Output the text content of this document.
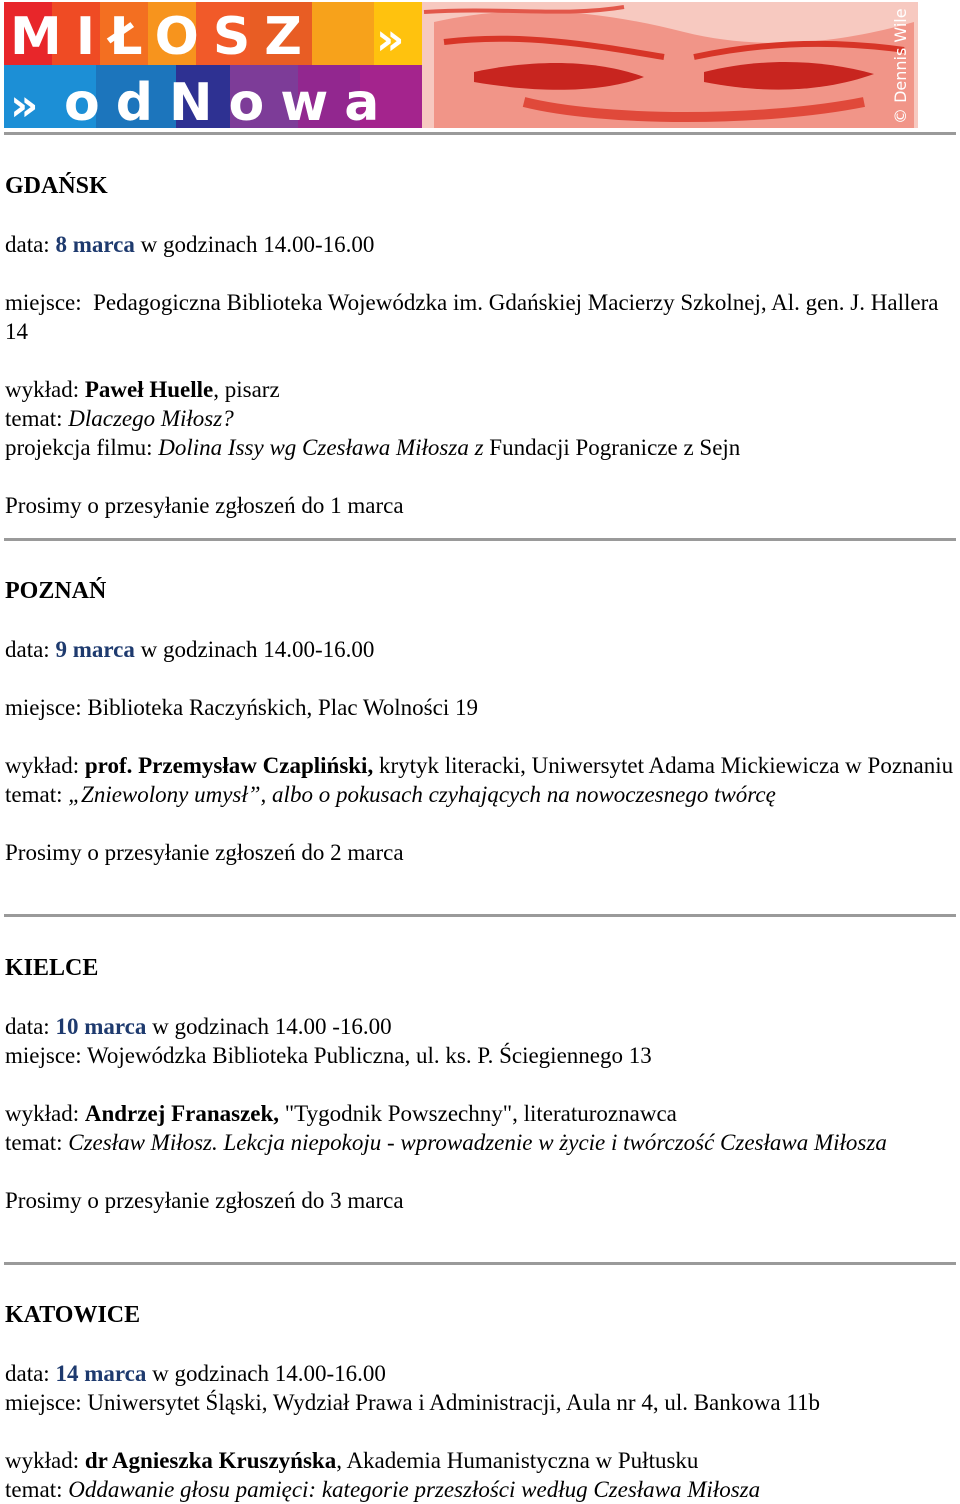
MIŁOSZ »
» odNowa	© Dennis Wile

GDAŃSK

data: 8 marca w godzinach 14.00-16.00

miejsce: Pedagogiczna Biblioteka Wojewódzka im. Gdańskiej Macierzy Szkolnej, Al. gen. J. Hallera 14

wykład: Paweł Huelle, pisarz

temat: Dlaczego Miłosz?

projekcja filmu: Dolina Issy wg Czesława Miłosza z Fundacji Pogranicze z Sejn

Prosimy o przesyłanie zgłoszeń do 1 marca

POZNAŃ

data: 9 marca w godzinach 14.00-16.00

miejsce: Biblioteka Raczyńskich, Plac Wolności 19

wykład: prof. Przemysław Czapliński, krytyk literacki, Uniwersytet Adama Mickiewicza w Poznaniu

temat: „Zniewolony umysł”, albo o pokusach czyhających na nowoczesnego twórcę

Prosimy o przesyłanie zgłoszeń do 2 marca

KIELCE

data: 10 marca w godzinach 14.00 -16.00

miejsce: Wojewódzka Biblioteka Publiczna, ul. ks. P. Ściegiennego 13

wykład: Andrzej Franaszek, "Tygodnik Powszechny", literaturoznawca

temat: Czesław Miłosz. Lekcja niepokoju - wprowadzenie w życie i twórczość Czesława Miłosza

Prosimy o przesyłanie zgłoszeń do 3 marca

KATOWICE

data: 14 marca w godzinach 14.00-16.00

miejsce: Uniwersytet Śląski, Wydział Prawa i Administracji, Aula nr 4, ul. Bankowa 11b

wykład: dr Agnieszka Kruszyńska, Akademia Humanistyczna w Pułtusku

temat: Oddawanie głosu pamięci: kategorie przeszłości według Czesława Miłosza
